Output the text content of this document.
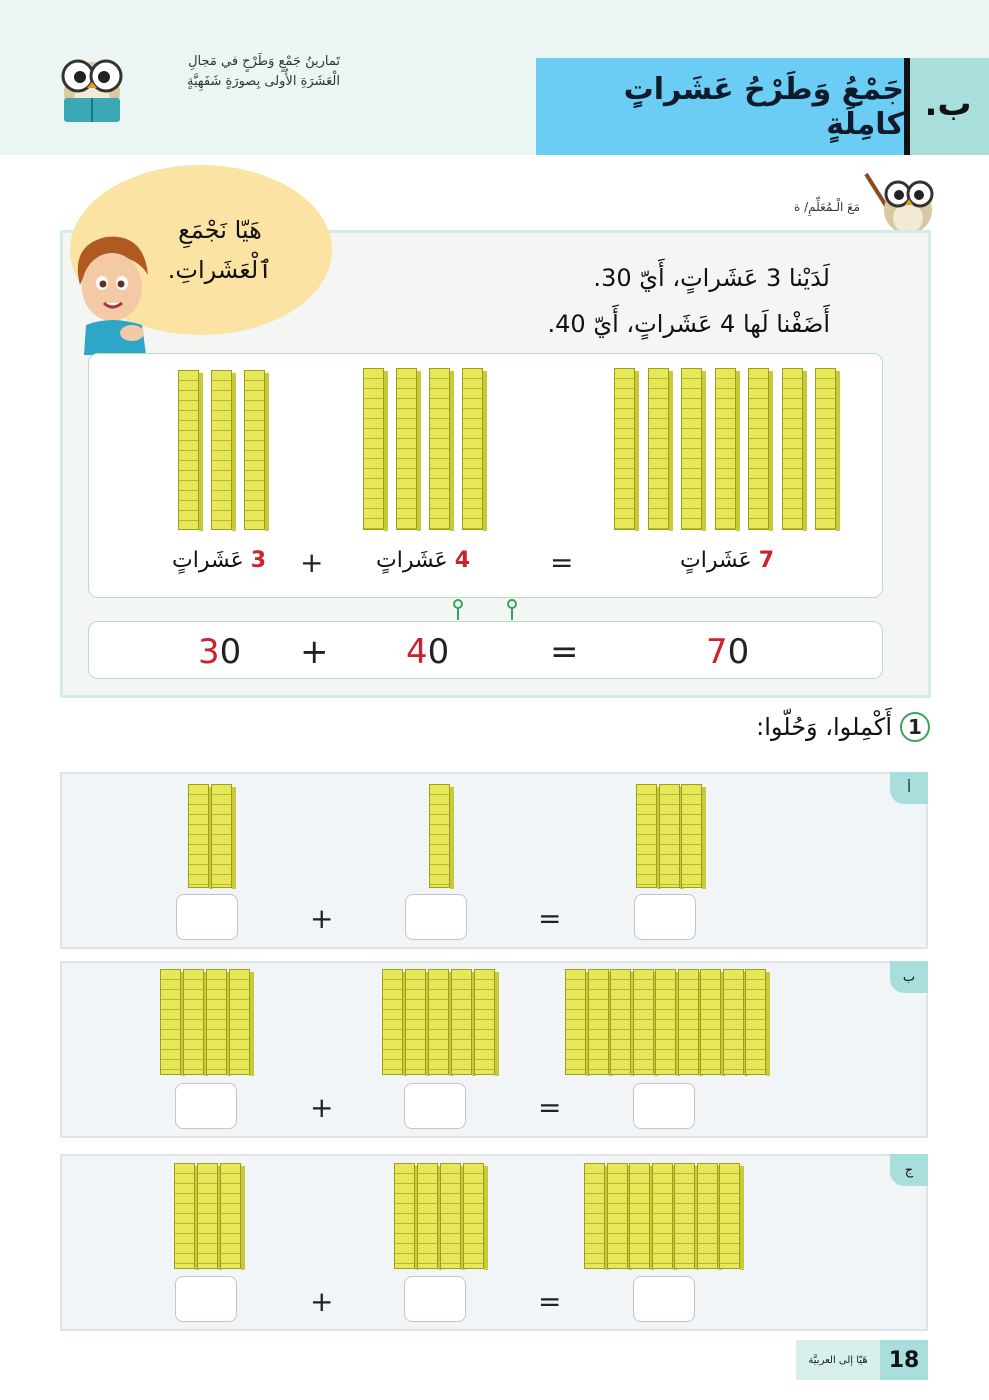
جَمْعُ وَطَرْحُ عَشَراتٍ كامِلَةٍ ب.
تَمارينُ جَمْعٍ وَطَرْحٍ في مَجالِ
الْعَشَرَةِ الأُولى بِصورَةٍ شَفَهِيَّةٍ
مَعَ الْـمُعَلِّمِ/ ة
هَيّا نَجْمَعِ
ٱلْعَشَراتِ.	لَدَيْنا 3 عَشَراتٍ، أَيّ 30.
أَضَفْنا لَها 4 عَشَراتٍ، أَيّ 40.
3 عَشَراتٍ	+	4 عَشَراتٍ	=	7 عَشَراتٍ
30 + 40	=	70
1
أَكْمِلوا، وَحُلّوا:
أ
ب
ج
+	=
+	=
+	=
هَيّا إلى العربيَّة 18
